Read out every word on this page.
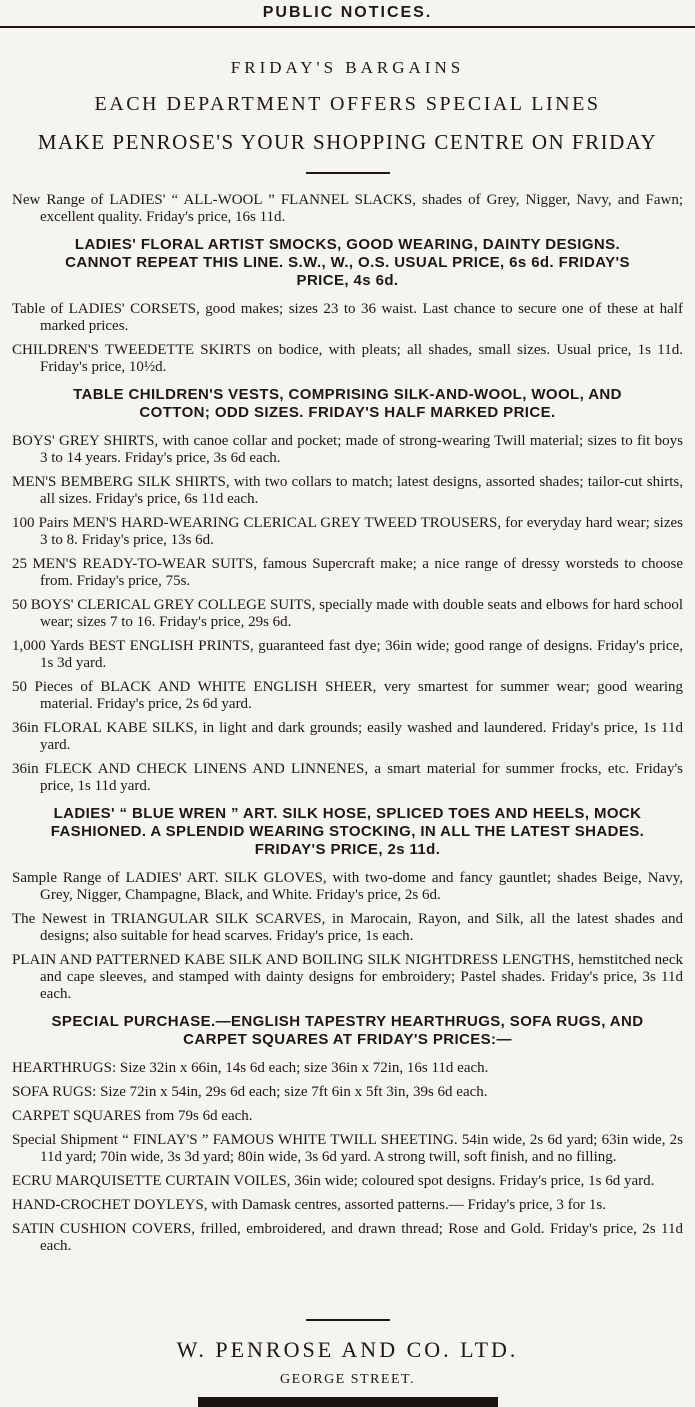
PUBLIC NOTICES.
FRIDAY'S BARGAINS
EACH DEPARTMENT OFFERS SPECIAL LINES
MAKE PENROSE'S YOUR SHOPPING CENTRE ON FRIDAY

New Range of LADIES' “ ALL-WOOL ” FLANNEL SLACKS, shades of Grey, Nigger, Navy, and Fawn; excellent quality. Friday's price, 16s 11d.

LADIES' FLORAL ARTIST SMOCKS, GOOD WEARING, DAINTY DESIGNS. CANNOT REPEAT THIS LINE. S.W., W., O.S. USUAL PRICE, 6s 6d. FRIDAY'S PRICE, 4s 6d.

Table of LADIES' CORSETS, good makes; sizes 23 to 36 waist. Last chance to secure one of these at half marked prices.

CHILDREN'S TWEEDETTE SKIRTS on bodice, with pleats; all shades, small sizes. Usual price, 1s 11d. Friday's price, 10½d.

TABLE CHILDREN'S VESTS, COMPRISING SILK-AND-WOOL, WOOL, AND COTTON; ODD SIZES. FRIDAY'S HALF MARKED PRICE.

BOYS' GREY SHIRTS, with canoe collar and pocket; made of strong-wearing Twill material; sizes to fit boys 3 to 14 years. Friday's price, 3s 6d each.

MEN'S BEMBERG SILK SHIRTS, with two collars to match; latest designs, assorted shades; tailor-cut shirts, all sizes. Friday's price, 6s 11d each.

100 Pairs MEN'S HARD-WEARING CLERICAL GREY TWEED TROUSERS, for everyday hard wear; sizes 3 to 8. Friday's price, 13s 6d.

25 MEN'S READY-TO-WEAR SUITS, famous Supercraft make; a nice range of dressy worsteds to choose from. Friday's price, 75s.

50 BOYS' CLERICAL GREY COLLEGE SUITS, specially made with double seats and elbows for hard school wear; sizes 7 to 16. Friday's price, 29s 6d.

1,000 Yards BEST ENGLISH PRINTS, guaranteed fast dye; 36in wide; good range of designs. Friday's price, 1s 3d yard.

50 Pieces of BLACK AND WHITE ENGLISH SHEER, very smartest for summer wear; good wearing material. Friday's price, 2s 6d yard.

36in FLORAL KABE SILKS, in light and dark grounds; easily washed and laundered. Friday's price, 1s 11d yard.

36in FLECK AND CHECK LINENS AND LINNENES, a smart material for summer frocks, etc. Friday's price, 1s 11d yard.

LADIES' “ BLUE WREN ” ART. SILK HOSE, SPLICED TOES AND HEELS, MOCK FASHIONED. A SPLENDID WEARING STOCKING, IN ALL THE LATEST SHADES. FRIDAY'S PRICE, 2s 11d.

Sample Range of LADIES' ART. SILK GLOVES, with two-dome and fancy gauntlet; shades Beige, Navy, Grey, Nigger, Champagne, Black, and White. Friday's price, 2s 6d.

The Newest in TRIANGULAR SILK SCARVES, in Marocain, Rayon, and Silk, all the latest shades and designs; also suitable for head scarves. Friday's price, 1s each.

PLAIN AND PATTERNED KABE SILK AND BOILING SILK NIGHTDRESS LENGTHS, hemstitched neck and cape sleeves, and stamped with dainty designs for embroidery; Pastel shades. Friday's price, 3s 11d each.

SPECIAL PURCHASE.—ENGLISH TAPESTRY HEARTHRUGS, SOFA RUGS, AND CARPET SQUARES AT FRIDAY'S PRICES:—

HEARTHRUGS: Size 32in x 66in, 14s 6d each; size 36in x 72in, 16s 11d each.

SOFA RUGS: Size 72in x 54in, 29s 6d each; size 7ft 6in x 5ft 3in, 39s 6d each.

CARPET SQUARES from 79s 6d each.

Special Shipment “ FINLAY'S ” FAMOUS WHITE TWILL SHEETING. 54in wide, 2s 6d yard; 63in wide, 2s 11d yard; 70in wide, 3s 3d yard; 80in wide, 3s 6d yard. A strong twill, soft finish, and no filling.

ECRU MARQUISETTE CURTAIN VOILES, 36in wide; coloured spot designs. Friday's price, 1s 6d yard.

HAND-CROCHET DOYLEYS, with Damask centres, assorted patterns.— Friday's price, 3 for 1s.

SATIN CUSHION COVERS, frilled, embroidered, and drawn thread; Rose and Gold. Friday's price, 2s 11d each.

W. PENROSE AND CO. LTD.
GEORGE STREET.
